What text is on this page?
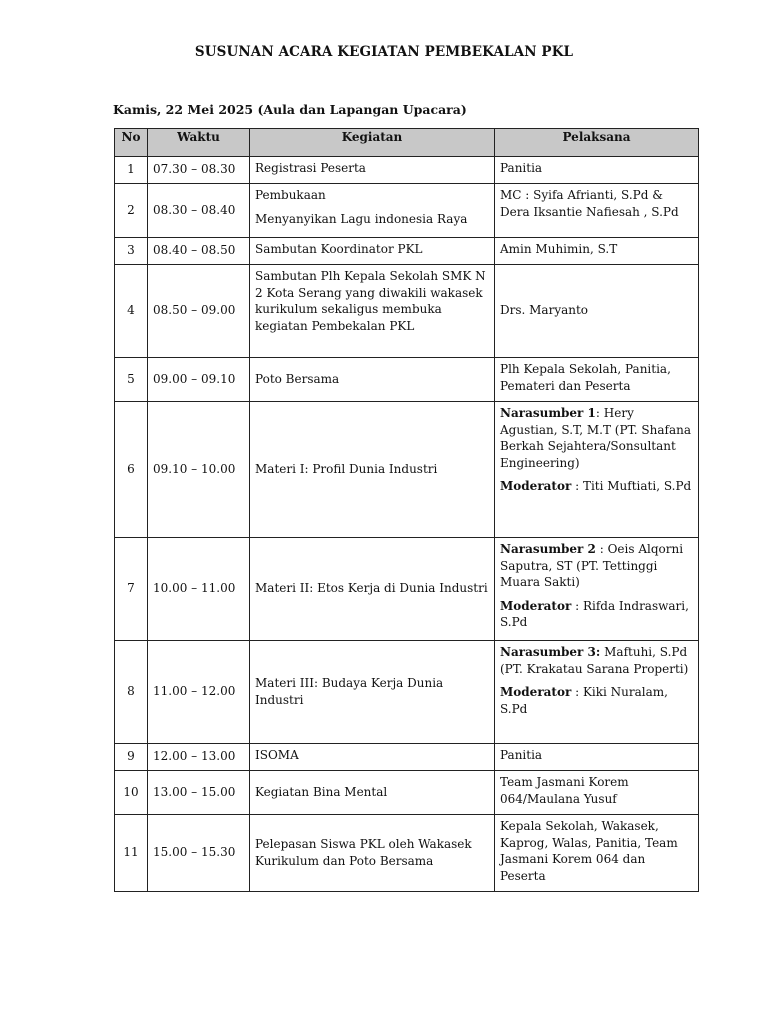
SUSUNAN ACARA KEGIATAN PEMBEKALAN PKL
Kamis, 22 Mei 2025 (Aula dan Lapangan Upacara)
No	Waktu	Kegiatan	Pelaksana
1	07.30 – 08.30	Registrasi Peserta	Panitia
2	08.30 – 08.40	Pembukaan
Menyanyikan Lagu indonesia Raya	MC : Syifa Afrianti, S.Pd & Dera Iksantie Nafiesah , S.Pd
3	08.40 – 08.50	Sambutan Koordinator PKL	Amin Muhimin, S.T
4	08.50 – 09.00	Sambutan Plh Kepala Sekolah SMK N 2 Kota Serang yang diwakili wakasek kurikulum sekaligus membuka kegiatan Pembekalan PKL	Drs. Maryanto
5	09.00 – 09.10	Poto Bersama	Plh Kepala Sekolah, Panitia, Pemateri dan Peserta
6	09.10 – 10.00	Materi I: Profil Dunia Industri	Narasumber 1: Hery Agustian, S.T, M.T (PT. Shafana Berkah Sejahtera/Sonsultant Engineering)
Moderator : Titi Muftiati, S.Pd

7	10.00 – 11.00	Materi II: Etos Kerja di Dunia Industri	Narasumber 2 : Oeis Alqorni Saputra, ST (PT. Tettinggi Muara Sakti)
Moderator : Rifda Indraswari, S.Pd

8	11.00 – 12.00	Materi III: Budaya Kerja Dunia Industri	Narasumber 3: Maftuhi, S.Pd (PT. Krakatau Sarana Properti)
Moderator : Kiki Nuralam, S.Pd

9	12.00 – 13.00	ISOMA	Panitia
10	13.00 – 15.00	Kegiatan Bina Mental	Team Jasmani Korem 064/Maulana Yusuf
11	15.00 – 15.30	Pelepasan Siswa PKL oleh Wakasek Kurikulum dan Poto Bersama	Kepala Sekolah, Wakasek, Kaprog, Walas, Panitia, Team Jasmani Korem 064 dan Peserta
